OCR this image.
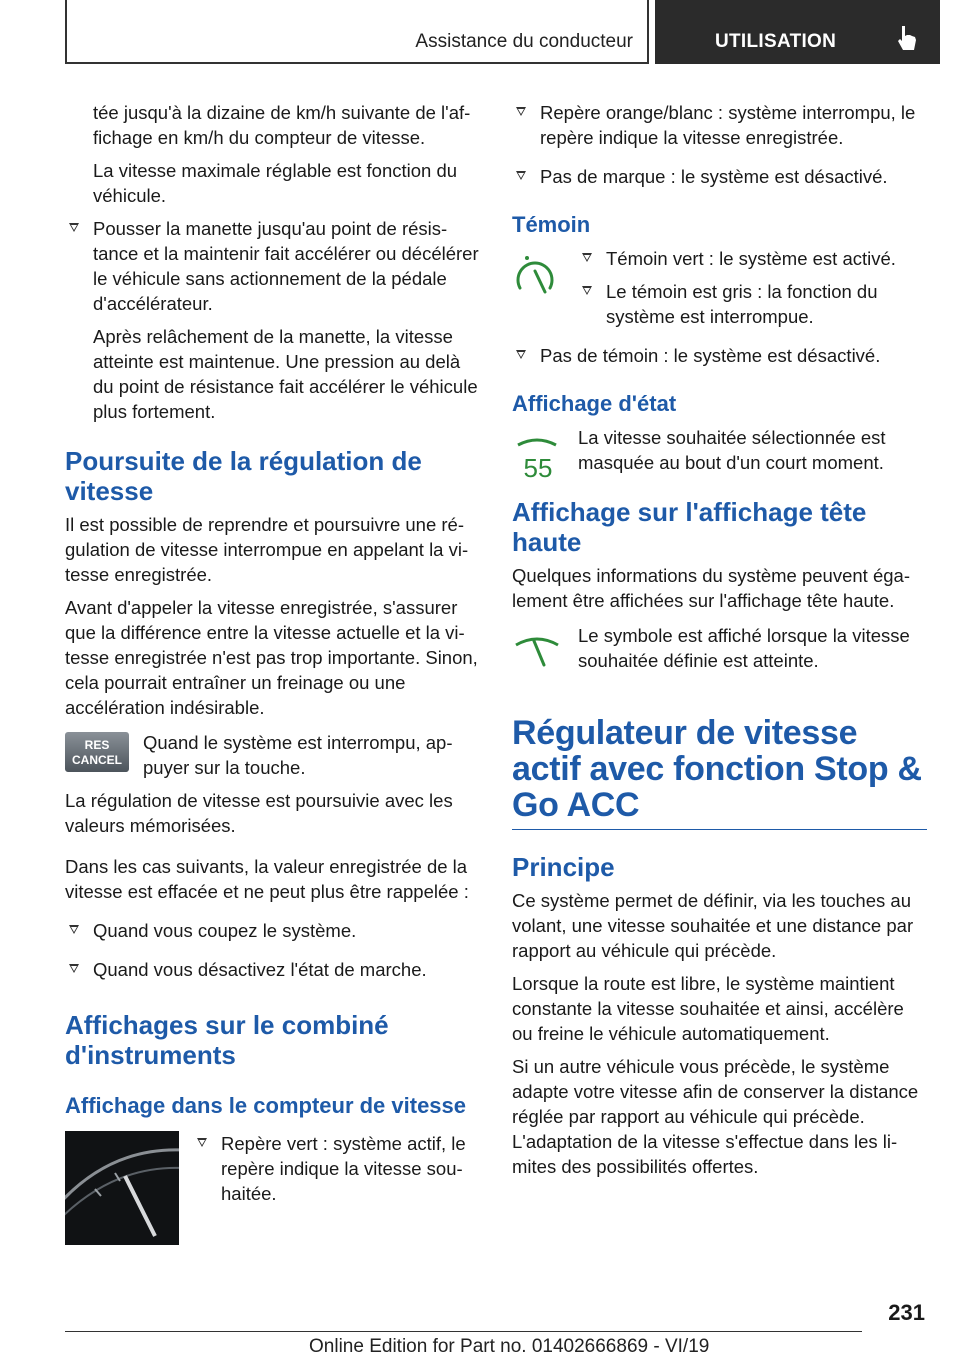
Assistance du conducteur	UTILISATION

tée jusqu'à la dizaine de km/h suivante de l'affichage en km/h du compteur de vitesse.

La vitesse maximale réglable est fonction du véhicule.

Pousser la manette jusqu'au point de résistance et la maintenir fait accélérer ou décélérer le véhicule sans actionnement de la pédale d'accélérateur.

Après relâchement de la manette, la vitesse atteinte est maintenue. Une pression au delà du point de résistance fait accélérer le véhicule plus fortement.

Poursuite de la régulation de vitesse

Il est possible de reprendre et poursuivre une régulation de vitesse interrompue en appelant la vitesse enregistrée.

Avant d'appeler la vitesse enregistrée, s'assurer que la différence entre la vitesse actuelle et la vitesse enregistrée n'est pas trop importante. Sinon, cela pourrait entraîner un freinage ou une accélération indésirable.

RES
CANCEL
Quand le système est interrompu, appuyer sur la touche.

La régulation de vitesse est poursuivie avec les valeurs mémorisées.

Dans les cas suivants, la valeur enregistrée de la vitesse est effacée et ne peut plus être rappelée :

Quand vous coupez le système.
Quand vous désactivez l'état de marche.
Affichages sur le combiné d'instruments
Affichage dans le compteur de vitesse
Repère vert : système actif, le repère indique la vitesse souhaitée.
Repère orange/blanc : système interrompu, le repère indique la vitesse enregistrée.
Pas de marque : le système est désactivé.
Témoin
Témoin vert : le système est activé.
Le témoin est gris : la fonction du système est interrompue.
Pas de témoin : le système est désactivé.
Affichage d'état
55

La vitesse souhaitée sélectionnée est masquée au bout d'un court moment.

Affichage sur l'affichage tête haute

Quelques informations du système peuvent également être affichées sur l'affichage tête haute.

Le symbole est affiché lorsque la vitesse souhaitée définie est atteinte.

Régulateur de vitesse actif avec fonction Stop & Go ACC
Principe

Ce système permet de définir, via les touches au volant, une vitesse souhaitée et une distance par rapport au véhicule qui précède.

Lorsque la route est libre, le système maintient constante la vitesse souhaitée et ainsi, accélère ou freine le véhicule automatiquement.

Si un autre véhicule vous précède, le système adapte votre vitesse afin de conserver la distance réglée par rapport au véhicule qui précède. L'adaptation de la vitesse s'effectue dans les limites des possibilités offertes.

231
Online Edition for Part no. 01402666869 - VI/19
